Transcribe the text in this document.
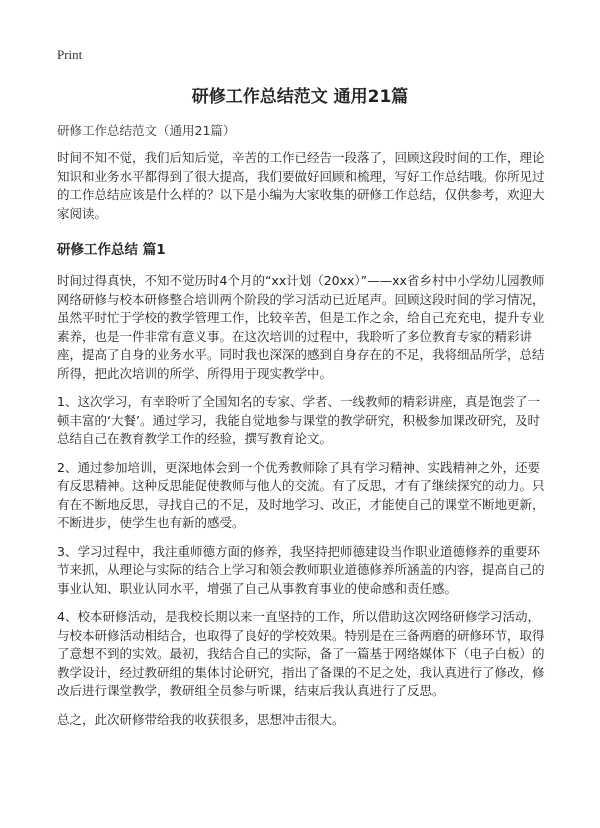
Print
研修工作总结范文 通用21篇

研修工作总结范文（通用21篇）

时间不知不觉，我们后知后觉，辛苦的工作已经告一段落了，回顾这段时间的工作，理论知识和业务水平都得到了很大提高，我们要做好回顾和梳理，写好工作总结哦。你所见过的工作总结应该是什么样的？以下是小编为大家收集的研修工作总结，仅供参考，欢迎大家阅读。

研修工作总结 篇1

时间过得真快，不知不觉历时4个月的“xx计划（20xx）”——xx省乡村中小学幼儿园教师网络研修与校本研修整合培训两个阶段的学习活动已近尾声。回顾这段时间的学习情况，虽然平时忙于学校的教学管理工作，比较辛苦，但是工作之余，给自己充充电，提升专业素养，也是一件非常有意义事。在这次培训的过程中，我聆听了多位教育专家的精彩讲座，提高了自身的业务水平。同时我也深深的感到自身存在的不足，我将细品所学，总结所得，把此次培训的所学、所得用于现实教学中。

1、这次学习，有幸聆听了全国知名的专家、学者、一线教师的精彩讲座，真是饱尝了一顿丰富的‘大餐’。通过学习，我能自觉地参与课堂的教学研究，积极参加课改研究，及时总结自己在教育教学工作的经验，撰写教育论文。

2、通过参加培训，更深地体会到一个优秀教师除了具有学习精神、实践精神之外，还要有反思精神。这种反思能促使教师与他人的交流。有了反思，才有了继续探究的动力。只有在不断地反思，寻找自己的不足，及时地学习、改正，才能使自己的课堂不断地更新，不断进步，使学生也有新的感受。

3、学习过程中，我注重师德方面的修养，我坚持把师德建设当作职业道德修养的重要环节来抓，从理论与实际的结合上学习和领会教师职业道德修养所涵盖的内容，提高自己的事业认知、职业认同水平，增强了自己从事教育事业的使命感和责任感。

4、校本研修活动，是我校长期以来一直坚持的工作，所以借助这次网络研修学习活动，与校本研修活动相结合，也取得了良好的学校效果。特别是在三备两磨的研修环节，取得了意想不到的实效。最初，我结合自己的实际，备了一篇基于网络媒体下（电子白板）的教学设计，经过教研组的集体讨论研究，指出了备课的不足之处，我认真进行了修改，修改后进行课堂教学，教研组全员参与听课，结束后我认真进行了反思。

总之，此次研修带给我的收获很多，思想冲击很大。
